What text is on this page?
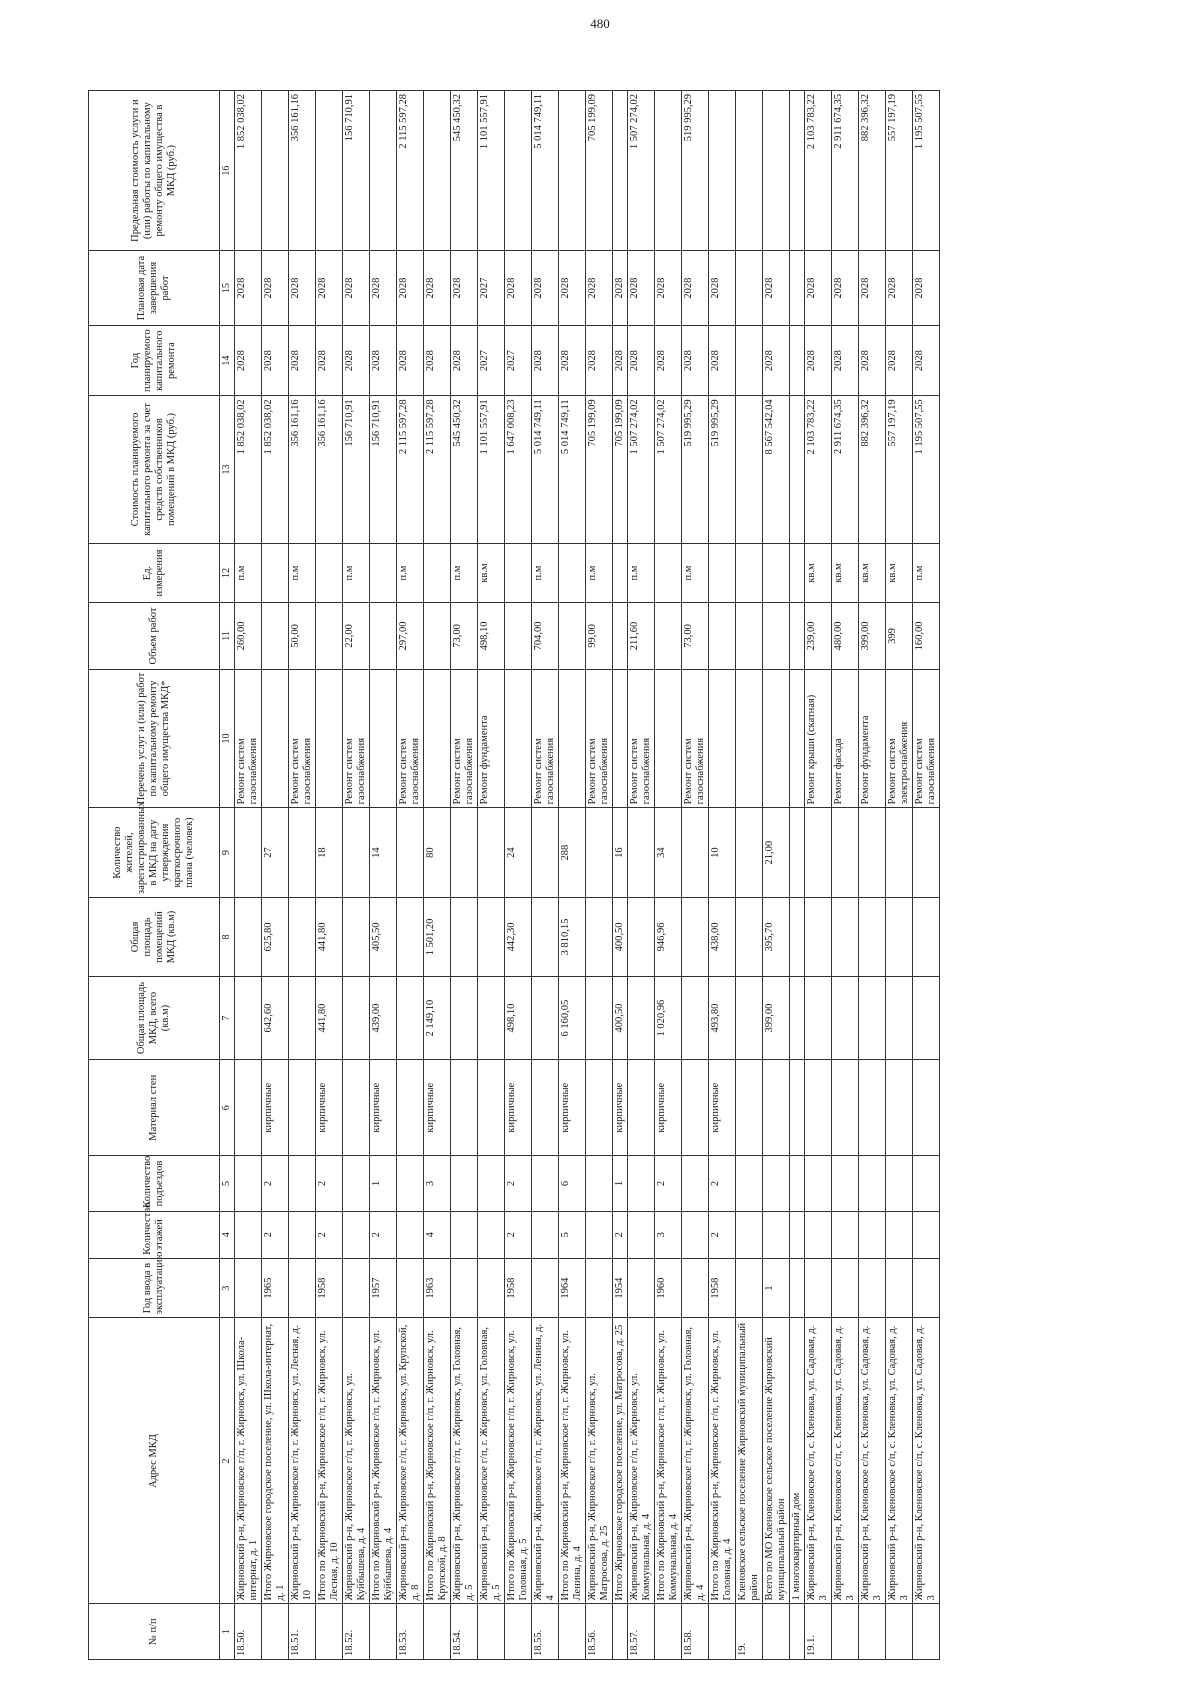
480
№ п/п	Адрес МКД	Год ввода в эксплуатацию	Количество этажей	Количество подъездов	Материал стен	Общая площадь МКД, всего (кв.м)	Общая площадь помещений МКД (кв.м)	Количество жителей, зарегистрированных в МКД на дату утверждения краткосрочного плана (человек)	Перечень услуг и (или) работ по капитальному ремонту общего имущества МКД*	Объем работ	Ед. измерения	Стоимость планируемого капитального ремонта за счет средств собственников помещений в МКД (руб.)	Год планируемого капитального ремонта	Плановая дата завершения работ	Предельная стоимость услуги и (или) работы по капитальному ремонту общего имущества в МКД (руб.)
1	2	3	4	5	6	7	8	9	10	11	12	13	14	15	16
18.50.	Жирновский р-н, Жирновское г/п, г. Жирновск, ул. Школа-интернат, д. 1								Ремонт систем газоснабжения	260,00	п.м	1 852 038,02	2028	2028	1 852 038,02
	Итого Жирновское городское поселение, ул. Школа-интернат, д. 1	1965	2	2	кирпичные	642,60	625,80	27				1 852 038,02	2028	2028	
18.51.	Жирновский р-н, Жирновское г/п, г. Жирновск, ул. Лесная, д. 10								Ремонт систем газоснабжения	50,00	п.м	356 161,16	2028	2028	356 161,16
	Итого по Жирновский р-н, Жирновское г/п, г. Жирновск, ул. Лесная, д. 10	1958	2	2	кирпичные	441,80	441,80	18				356 161,16	2028	2028	
18.52.	Жирновский р-н, Жирновское г/п, г. Жирновск, ул. Куйбышева, д. 4								Ремонт систем газоснабжения	22,00	п.м	156 710,91	2028	2028	156 710,91
	Итого по Жирновский р-н, Жирновское г/п, г. Жирновск, ул. Куйбышева, д. 4	1957	2	1	кирпичные	439,00	405,50	14				156 710,91	2028	2028	
18.53.	Жирновский р-н, Жирновское г/п, г. Жирновск, ул. Крупской, д. 8								Ремонт систем газоснабжения	297,00	п.м	2 115 597,28	2028	2028	2 115 597,28
	Итого по Жирновский р-н, Жирновское г/п, г. Жирновск, ул. Крупской, д. 8	1963	4	3	кирпичные	2 149,10	1 501,20	80				2 115 597,28	2028	2028	
18.54.	Жирновский р-н, Жирновское г/п, г. Жирновск, ул. Головная, д. 5								Ремонт систем газоснабжения	73,00	п.м	545 450,32	2028	2028	545 450,32
	Жирновский р-н, Жирновское г/п, г. Жирновск, ул. Головная, д. 5								Ремонт фундамента	498,10	кв.м	1 101 557,91	2027	2027	1 101 557,91
	Итого по Жирновский р-н, Жирновское г/п, г. Жирновск, ул. Головная, д. 5	1958	2	2	кирпичные	498,10	442,30	24				1 647 008,23	2027	2028	
18.55.	Жирновский р-н, Жирновское г/п, г. Жирновск, ул. Ленина, д. 4								Ремонт систем газоснабжения	704,00	п.м	5 014 749,11	2028	2028	5 014 749,11
	Итого по Жирновский р-н, Жирновское г/п, г. Жирновск, ул. Ленина, д. 4	1964	5	6	кирпичные	6 160,05	3 810,15	288				5 014 749,11	2028	2028	
18.56.	Жирновский р-н, Жирновское г/п, г. Жирновск, ул. Матросова, д. 25								Ремонт систем газоснабжения	99,00	п.м	705 199,09	2028	2028	705 199,09
	Итого Жирновское городское поселение, ул. Матросова, д. 25	1954	2	1	кирпичные	400,50	400,50	16				705 199,09	2028	2028	
18.57.	Жирновский р-н, Жирновское г/п, г. Жирновск, ул. Коммунальная, д. 4								Ремонт систем газоснабжения	211,60	п.м	1 507 274,02	2028	2028	1 507 274,02
	Итого по Жирновский р-н, Жирновское г/п, г. Жирновск, ул. Коммунальная, д. 4	1960	3	2	кирпичные	1 020,96	946,96	34				1 507 274,02	2028	2028	
18.58.	Жирновский р-н, Жирновское г/п, г. Жирновск, ул. Головная, д. 4								Ремонт систем газоснабжения	73,00	п.м	519 995,29	2028	2028	519 995,29
	Итого по Жирновский р-н, Жирновское г/п, г. Жирновск, ул. Головная, д. 4	1958	2	2	кирпичные	493,80	438,00	10				519 995,29	2028	2028	
19.	Кленовское сельское поселение Жирновский муниципальный район														
	Всего по МО Кленовское сельское поселение Жирновский муниципальный район	1				399,00	395,70	21,00				8 567 542,04	2028	2028	
	1 многоквартирный дом														
19.1.	Жирновский р-н, Кленовское с/п, с. Кленовка, ул. Садовая, д. 3								Ремонт крыши (скатная)	239,00	кв.м	2 103 783,22	2028	2028	2 103 783,22
	Жирновский р-н, Кленовское с/п, с. Кленовка, ул. Садовая, д. 3								Ремонт фасада	480,00	кв.м	2 911 674,35	2028	2028	2 911 674,35
	Жирновский р-н, Кленовское с/п, с. Кленовка, ул. Садовая, д. 3								Ремонт фундамента	399,00	кв.м	882 396,32	2028	2028	882 396,32
	Жирновский р-н, Кленовское с/п, с. Кленовка, ул. Садовая, д. 3								Ремонт систем электроснабжения	399	кв.м	557 197,19	2028	2028	557 197,19
	Жирновский р-н, Кленовское с/п, с. Кленовка, ул. Садовая, д. 3								Ремонт систем газоснабжения	160,00	п.м	1 195 507,55	2028	2028	1 195 507,55
